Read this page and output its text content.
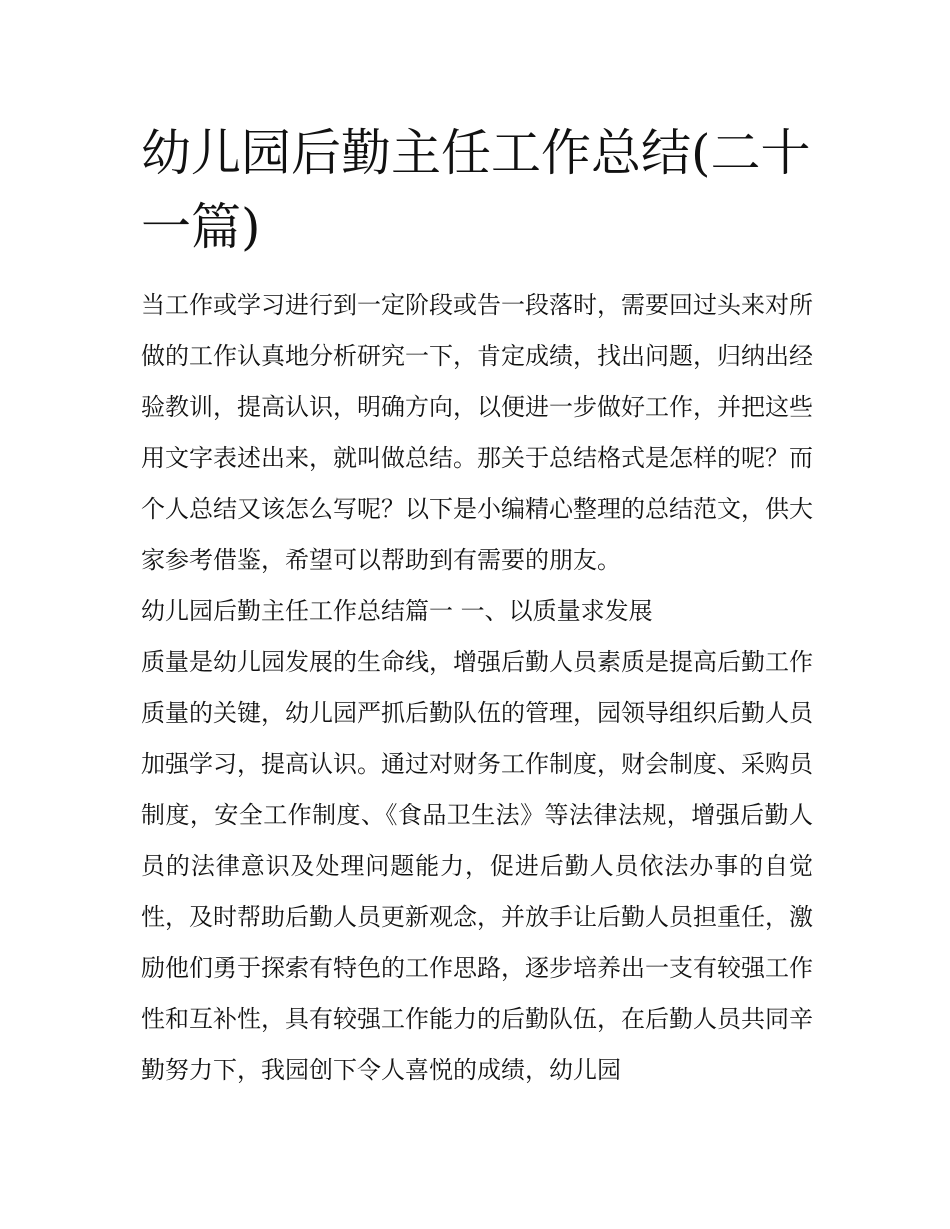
幼儿园后勤主任工作总结(二十一篇)

当工作或学习进行到一定阶段或告一段落时，需要回过头来对所做的工作认真地分析研究一下，肯定成绩，找出问题，归纳出经验教训，提高认识，明确方向，以便进一步做好工作，并把这些用文字表述出来，就叫做总结。那关于总结格式是怎样的呢？而个人总结又该怎么写呢？以下是小编精心整理的总结范文，供大家参考借鉴，希望可以帮助到有需要的朋友。

幼儿园后勤主任工作总结篇一 一、以质量求发展

质量是幼儿园发展的生命线，增强后勤人员素质是提高后勤工作质量的关键，幼儿园严抓后勤队伍的管理，园领导组织后勤人员加强学习，提高认识。通过对财务工作制度，财会制度、采购员制度，安全工作制度、《食品卫生法》等法律法规，增强后勤人员的法律意识及处理问题能力，促进后勤人员依法办事的自觉性，及时帮助后勤人员更新观念，并放手让后勤人员担重任，激励他们勇于探索有特色的工作思路，逐步培养出一支有较强工作性和互补性，具有较强工作能力的后勤队伍，在后勤人员共同辛勤努力下，我园创下令人喜悦的成绩，幼儿园
